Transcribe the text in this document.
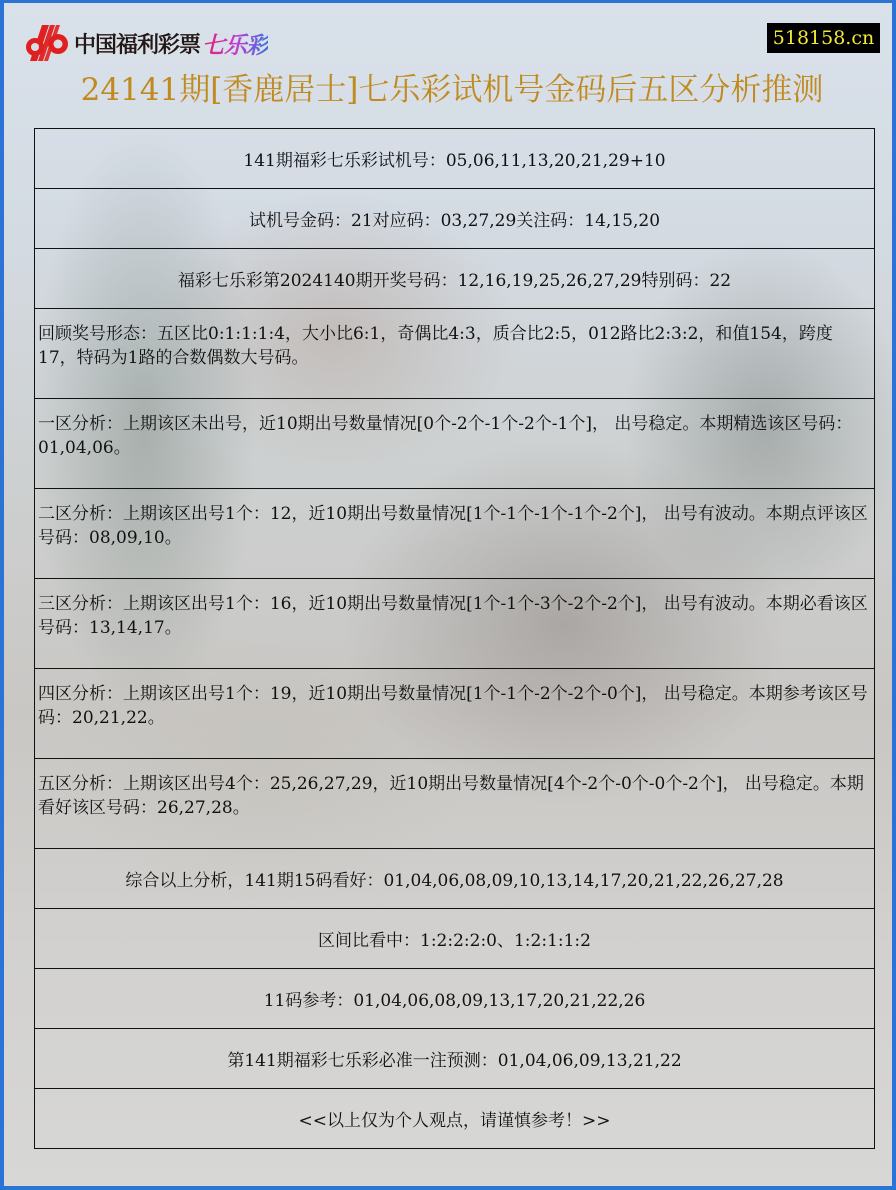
中国福利彩票 七乐彩	518158.cn
24141期[香鹿居士]七乐彩试机号金码后五区分析推测
141期福彩七乐彩试机号：05,06,11,13,20,21,29+10
试机号金码：21对应码：03,27,29关注码：14,15,20
福彩七乐彩第2024140期开奖号码：12,16,19,25,26,27,29特别码：22
回顾奖号形态：五区比0:1:1:1:4，大小比6:1，奇偶比4:3，质合比2:5，012路比2:3:2，和值154，跨度17，特码为1路的合数偶数大号码。
一区分析：上期该区未出号，近10期出号数量情况[0个-2个-1个-2个-1个]， 出号稳定。本期精选该区号码：01,04,06。
二区分析：上期该区出号1个：12，近10期出号数量情况[1个-1个-1个-1个-2个]， 出号有波动。本期点评该区号码：08,09,10。
三区分析：上期该区出号1个：16，近10期出号数量情况[1个-1个-3个-2个-2个]， 出号有波动。本期必看该区号码：13,14,17。
四区分析：上期该区出号1个：19，近10期出号数量情况[1个-1个-2个-2个-0个]， 出号稳定。本期参考该区号码：20,21,22。
五区分析：上期该区出号4个：25,26,27,29，近10期出号数量情况[4个-2个-0个-0个-2个]， 出号稳定。本期看好该区号码：26,27,28。
综合以上分析，141期15码看好：01,04,06,08,09,10,13,14,17,20,21,22,26,27,28
区间比看中：1:2:2:2:0、1:2:1:1:2
11码参考：01,04,06,08,09,13,17,20,21,22,26
第141期福彩七乐彩必准一注预测：01,04,06,09,13,21,22
<<以上仅为个人观点，请谨慎参考！>>
